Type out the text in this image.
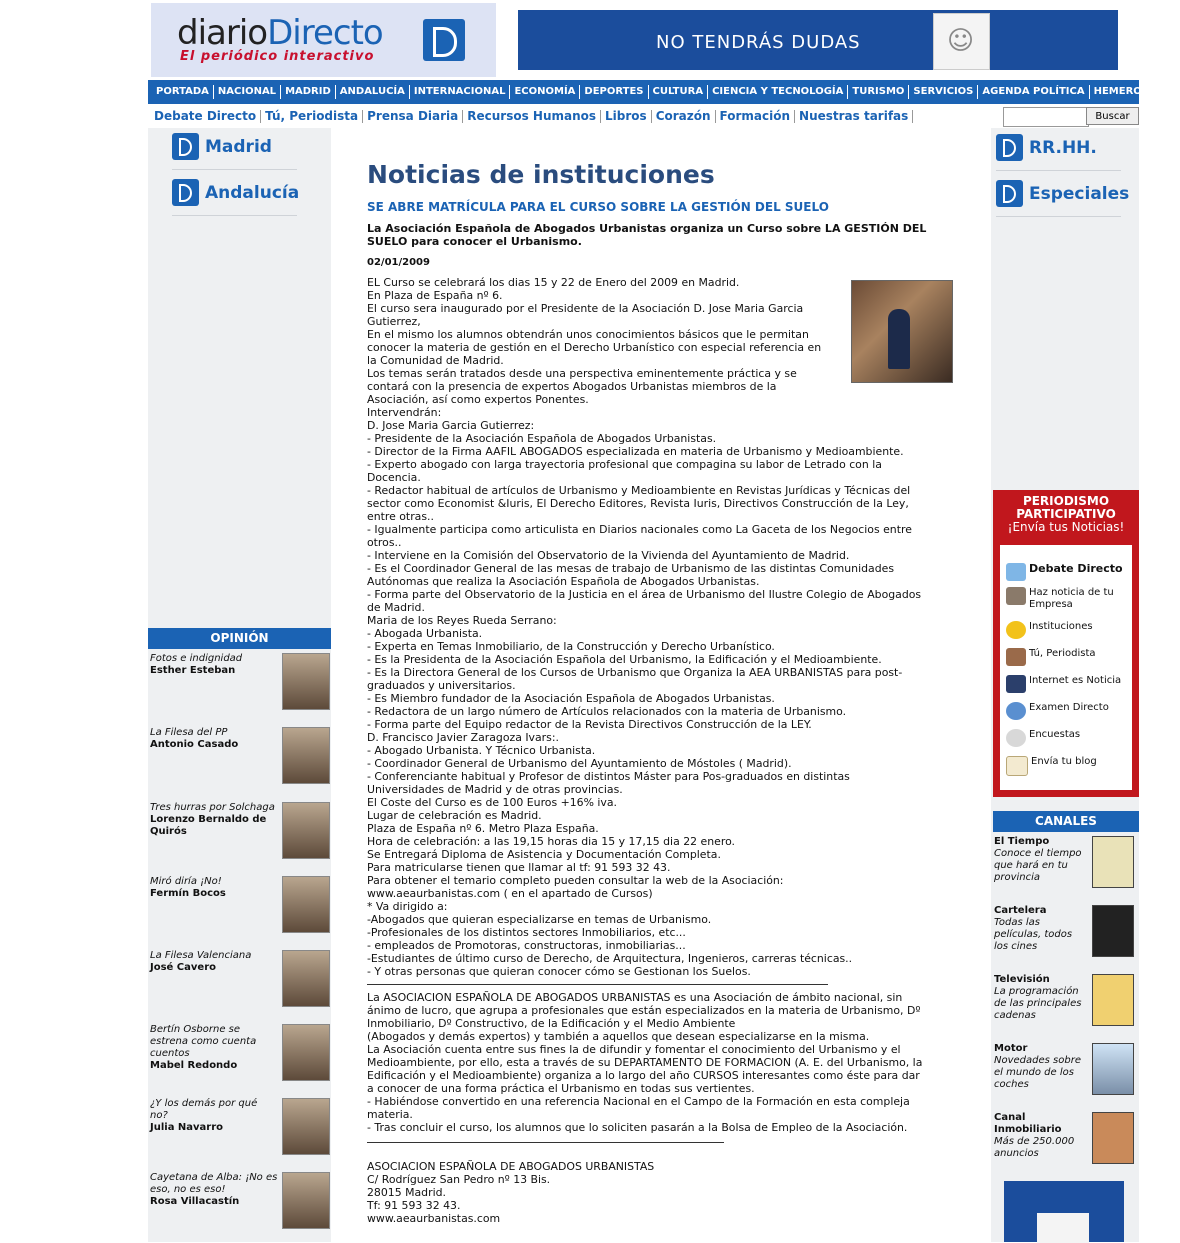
diarioDirecto
El periódico interactivo
NO TENDRÁS DUDAS	☺
PORTADA NACIONAL MADRID ANDALUCÍA INTERNACIONAL ECONOMÍA DEPORTES CULTURA CIENCIA Y TECNOLOGÍA TURISMO SERVICIOS AGENDA POLÍTICA HEMEROTECA
Debate Directo Tú, Periodista Prensa Diaria Recursos Humanos Libros Corazón Formación Nuestras tarifas	Buscar
Madrid
Andalucía
OPINIÓN
Fotos e indignidad
Esther Esteban
La Filesa del PP
Antonio Casado
Tres hurras por Solchaga
Lorenzo Bernaldo de Quirós
Miró diría ¡No!
Fermín Bocos
La Filesa Valenciana
José Cavero
Bertín Osborne se estrena como cuenta cuentos
Mabel Redondo
¿Y los demás por qué no?
Julia Navarro
Cayetana de Alba: ¡No es eso, no es eso!
Rosa Villacastín
Noticias de instituciones
SE ABRE MATRÍCULA PARA EL CURSO SOBRE LA GESTIÓN DEL SUELO
La Asociación Española de Abogados Urbanistas organiza un Curso sobre LA GESTIÓN DEL SUELO para conocer el Urbanismo.
02/01/2009

EL Curso se celebrará los dias 15 y 22 de Enero del 2009 en Madrid.
En Plaza de España nº 6.
El curso sera inaugurado por el Presidente de la Asociación D. Jose Maria Garcia
Gutierrez,
En el mismo los alumnos obtendrán unos conocimientos básicos que le permitan
conocer la materia de gestión en el Derecho Urbanístico con especial referencia en
la Comunidad de Madrid.
Los temas serán tratados desde una perspectiva eminentemente práctica y se
contará con la presencia de expertos Abogados Urbanistas miembros de la
Asociación, así como expertos Ponentes.
Intervendrán:
D. Jose Maria Garcia Gutierrez:
- Presidente de la Asociación Española de Abogados Urbanistas.
- Director de la Firma AAFIL ABOGADOS especializada en materia de Urbanismo y Medioambiente.
- Experto abogado con larga trayectoria profesional que compagina su labor de Letrado con la
Docencia.
- Redactor habitual de artículos de Urbanismo y Medioambiente en Revistas Jurídicas y Técnicas del
sector como Economist &Iuris, El Derecho Editores, Revista Iuris, Directivos Construcción de la Ley,
entre otras..
- Igualmente participa como articulista en Diarios nacionales como La Gaceta de los Negocios entre
otros..
- Interviene en la Comisión del Observatorio de la Vivienda del Ayuntamiento de Madrid.
- Es el Coordinador General de las mesas de trabajo de Urbanismo de las distintas Comunidades
Autónomas que realiza la Asociación Española de Abogados Urbanistas.
- Forma parte del Observatorio de la Justicia en el área de Urbanismo del Ilustre Colegio de Abogados
de Madrid.
Maria de los Reyes Rueda Serrano:
- Abogada Urbanista.
- Experta en Temas Inmobiliario, de la Construcción y Derecho Urbanístico.
- Es la Presidenta de la Asociación Española del Urbanismo, la Edificación y el Medioambiente.
- Es la Directora General de los Cursos de Urbanismo que Organiza la AEA URBANISTAS para post-
graduados y universitarios.
- Es Miembro fundador de la Asociación Española de Abogados Urbanistas.
- Redactora de un largo número de Artículos relacionados con la materia de Urbanismo.
- Forma parte del Equipo redactor de la Revista Directivos Construcción de la LEY.
D. Francisco Javier Zaragoza Ivars:.
- Abogado Urbanista. Y Técnico Urbanista.
- Coordinador General de Urbanismo del Ayuntamiento de Móstoles ( Madrid).
- Conferenciante habitual y Profesor de distintos Máster para Pos-graduados en distintas
Universidades de Madrid y de otras provincias.
El Coste del Curso es de 100 Euros +16% iva.
Lugar de celebración es Madrid.
Plaza de España nº 6. Metro Plaza España.
Hora de celebración: a las 19,15 horas dia 15 y 17,15 dia 22 enero.
Se Entregará Diploma de Asistencia y Documentación Completa.
Para matricularse tienen que llamar al tf: 91 593 32 43.
Para obtener el temario completo pueden consultar la web de la Asociación:
www.aeaurbanistas.com ( en el apartado de Cursos)
* Va dirigido a:
-Abogados que quieran especializarse en temas de Urbanismo.
-Profesionales de los distintos sectores Inmobiliarios, etc...
- empleados de Promotoras, constructoras, inmobiliarias...
-Estudiantes de último curso de Derecho, de Arquitectura, Ingenieros, carreras técnicas..
- Y otras personas que quieran conocer cómo se Gestionan los Suelos.

La ASOCIACION ESPAÑOLA DE ABOGADOS URBANISTAS es una Asociación de ámbito nacional, sin
ánimo de lucro, que agrupa a profesionales que están especializados en la materia de Urbanismo, Dº
Inmobiliario, Dº Constructivo, de la Edificación y el Medio Ambiente
(Abogados y demás expertos) y también a aquellos que desean especializarse en la misma.
La Asociación cuenta entre sus fines la de difundir y fomentar el conocimiento del Urbanismo y el
Medioambiente, por ello, esta a través de su DEPARTAMENTO DE FORMACION (A. E. del Urbanismo, la
Edificación y el Medioambiente) organiza a lo largo del año CURSOS interesantes como éste para dar
a conocer de una forma práctica el Urbanismo en todas sus vertientes.
- Habiéndose convertido en una referencia Nacional en el Campo de la Formación en esta compleja
materia.
- Tras concluir el curso, los alumnos que lo soliciten pasarán a la Bolsa de Empleo de la Asociación.

ASOCIACION ESPAÑOLA DE ABOGADOS URBANISTAS
C/ Rodríguez San Pedro nº 13 Bis.
28015 Madrid.
Tf: 91 593 32 43.
www.aeaurbanistas.com

RR.HH.
Especiales
PERIODISMO PARTICIPATIVO
¡Envía tus Noticias!
Debate Directo
Haz noticia de tu Empresa
Instituciones
Tú, Periodista
Internet es Noticia
Examen Directo
Encuestas
Envía tu blog
CANALES
El Tiempo
Conoce el tiempo que hará en tu provincia
Cartelera
Todas las películas, todos los cines
Televisión
La programación de las principales cadenas
Motor
Novedades sobre el mundo de los coches
Canal Inmobiliario
Más de 250.000 anuncios
